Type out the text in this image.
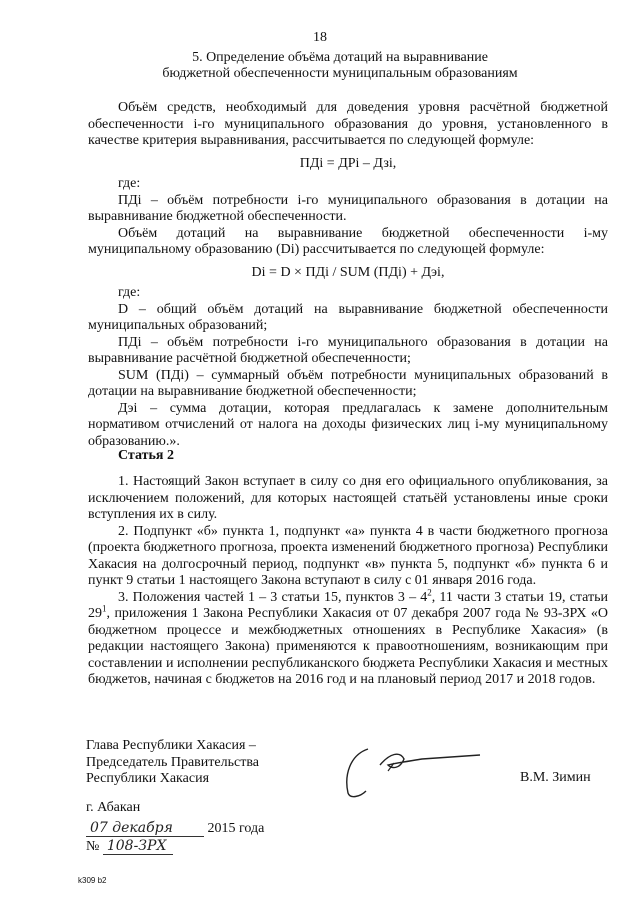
18
5. Определение объёма дотаций на выравнивание
бюджетной обеспеченности муниципальным образованиям

Объём средств, необходимый для доведения уровня расчётной бюджетной обеспеченности i-го муниципального образования до уровня, установленного в качестве критерия выравнивания, рассчитывается по следующей формуле:

ПДi = ДРi – Дзi,

где:

ПДi – объём потребности i-го муниципального образования в дотации на выравнивание бюджетной обеспеченности.

Объём дотаций на выравнивание бюджетной обеспеченности i-му муниципальному образованию (Di) рассчитывается по следующей формуле:

Di = D × ПДi / SUM (ПДi) + Дэi,

где:

D – общий объём дотаций на выравнивание бюджетной обеспеченности муниципальных образований;

ПДi – объём потребности i-го муниципального образования в дотации на выравнивание расчётной бюджетной обеспеченности;

SUM (ПДi) – суммарный объём потребности муниципальных образований в дотации на выравнивание бюджетной обеспеченности;

Дэi – сумма дотации, которая предлагалась к замене дополнительным нормативом отчислений от налога на доходы физических лиц i-му муниципальному образованию.».

Статья 2

1. Настоящий Закон вступает в силу со дня его официального опубликования, за исключением положений, для которых настоящей статьёй установлены иные сроки вступления их в силу.

2. Подпункт «б» пункта 1, подпункт «а» пункта 4 в части бюджетного прогноза (проекта бюджетного прогноза, проекта изменений бюджетного прогноза) Республики Хакасия на долгосрочный период, подпункт «в» пункта 5, подпункт «б» пункта 6 и пункт 9 статьи 1 настоящего Закона вступают в силу с 01 января 2016 года.

3. Положения частей 1 – 3 статьи 15, пунктов $3 - 4^2$, 11 части 3 статьи 19, статьи $29^1$, приложения 1 Закона Республики Хакасия от 07 декабря 2007 года № 93-ЗРХ «О бюджетном процессе и межбюджетных отношениях в Республике Хакасия» (в редакции настоящего Закона) применяются к правоотношениям, возникающим при составлении и исполнении республиканского бюджета Республики Хакасия и местных бюджетов, начиная с бюджетов на 2016 год и на плановый период 2017 и 2018 годов.

Глава Республики Хакасия –
Председатель Правительства
Республики Хакасия	В.М. Зимин
г. Абакан
07 декабря 2015 года
№ 108-ЗРХ
k309 b2
